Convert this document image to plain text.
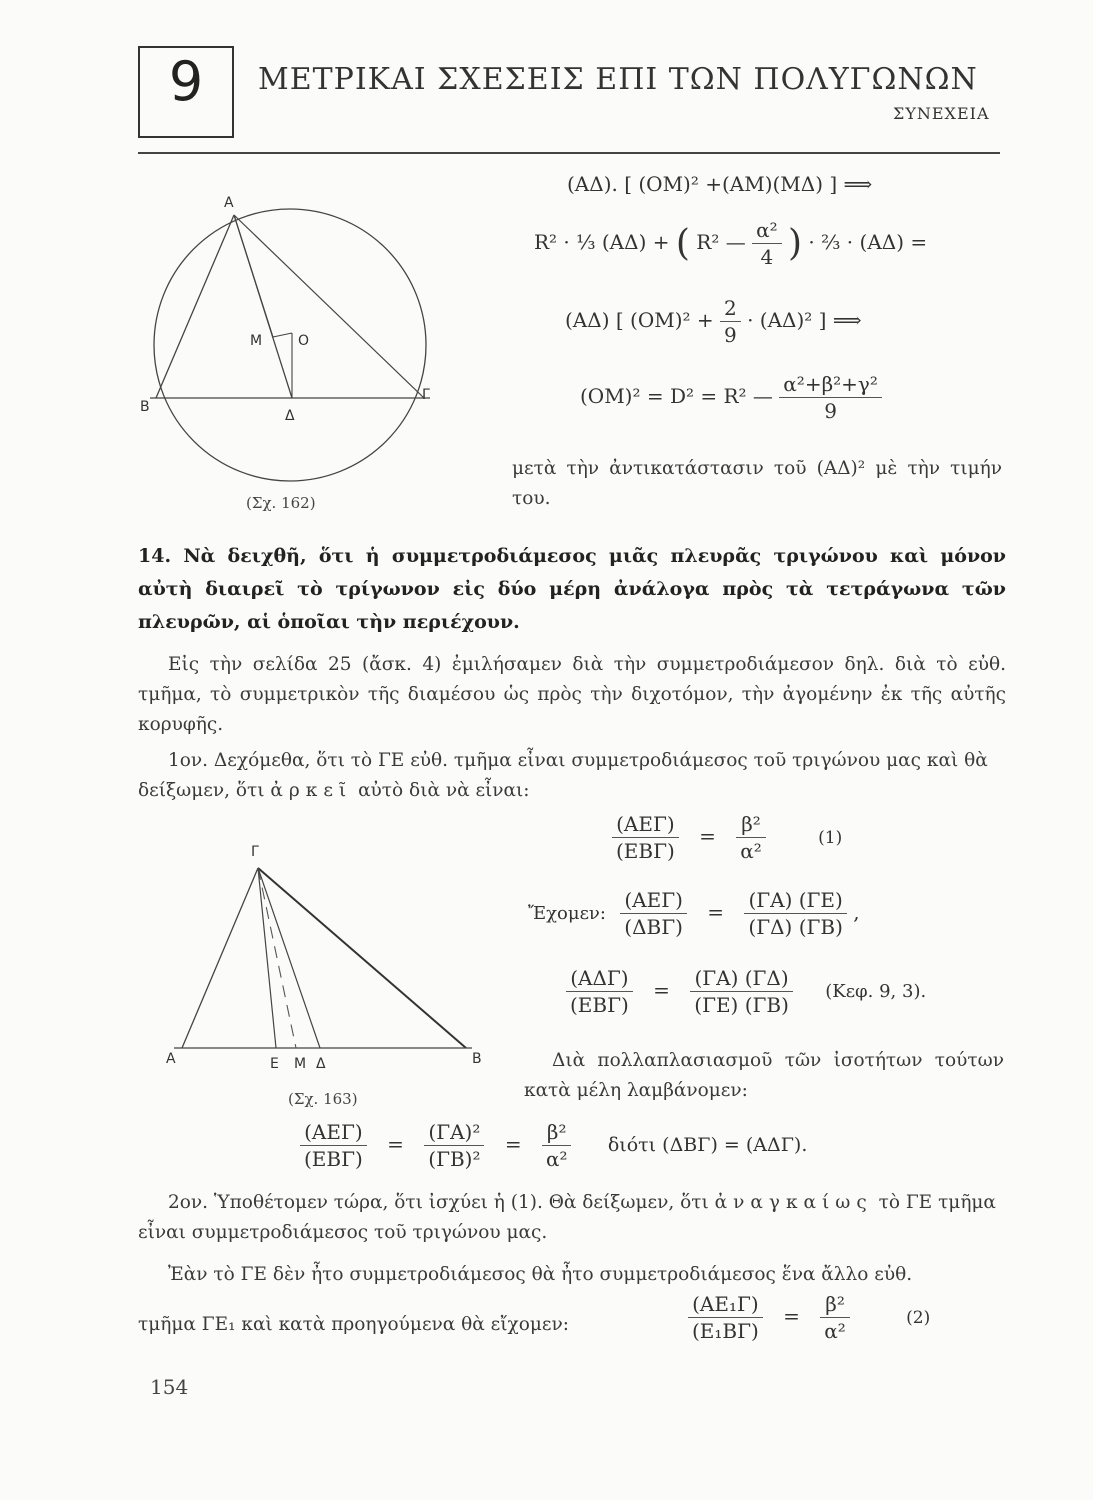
9	ΜΕΤΡΙΚΑΙ ΣΧΕΣΕΙΣ ΕΠΙ ΤΩΝ ΠΟΛΥΓΩΝΩΝ
ΣΥΝΕΧΕΙΑ
Α
Μ	Ο
Β
Δ
Γ
(Σχ. 162)
(ΑΔ). [ (ΟΜ)² +(ΑΜ)(ΜΔ) ] ⟹
R² · ¹⁄₃ (ΑΔ) + ( R² — $\frac{\text{α²}}{4}$ ) · ²⁄₃ · (ΑΔ) =
(ΑΔ) [ $(OM)^2 + \frac{2}{9} \cdot (A\Delta)^2$ ] ⟹
(ΟΜ)² = D² = R² — $\frac{\text{α²+β²+γ²}}{9}$
μετὰ τὴν ἀντικατάστασιν τοῦ (ΑΔ)² μὲ τὴν τιμήν του.
14. Νὰ δειχθῆ, ὅτι ἡ συμμετροδιάμεσος μιᾶς πλευρᾶς τριγώνου καὶ μόνον αὐτὴ διαιρεῖ τὸ τρίγωνον εἰς δύο μέρη ἀνάλογα πρὸς τὰ τετράγωνα τῶν πλευρῶν, αἱ ὁποῖαι τὴν περιέχουν.
Εἰς τὴν σελίδα 25 (ἄσκ. 4) ἐμιλήσαμεν διὰ τὴν συμμετροδιάμεσον δηλ. διὰ τὸ εὐθ. τμῆμα, τὸ συμμετρικὸν τῆς διαμέσου ὡς πρὸς τὴν διχοτόμον, τὴν ἀγομένην ἐκ τῆς αὐτῆς κορυφῆς.
1ον. Δεχόμεθα, ὅτι τὸ ΓΕ εὐθ. τμῆμα εἶναι συμμετροδιάμεσος τοῦ τριγώνου μας καὶ θὰ δείξωμεν, ὅτι ἀρκεῖ αὐτὸ διὰ νὰ εἶναι:
$\frac{\text{(ΑΕΓ)}}{\text{(ΕΒΓ)}} = \frac{\text{β²}}{\text{α²}}$	(1)
Ἔχομεν: $\frac{\text{(ΑΕΓ)}}{\text{(ΔΒΓ)}} = \frac{(\Gamma A) (\Gamma E)}{(\Gamma\Delta) (\Gamma B)}$ ,
$\frac{\text{(ΑΔΓ)}}{\text{(ΕΒΓ)}} = \frac{(\Gamma A) (\Gamma\Delta)}{(\Gamma E) (\Gamma B)} (K\varepsilon\varphi$. 9, 3).
Γ
Α	Ε Μ Δ	Β
(Σχ. 163)
Διὰ πολλαπλασιασμοῦ τῶν ἰσοτήτων τούτων κατὰ μέλη λαμβάνομεν:
$\frac{\text{(ΑΕΓ)}}{\text{(ΕΒΓ)}} = \frac{\text{(ΓΑ)²}}{\text{(ΓΒ)²}} = \frac{\text{β²}}{\text{α²}}$ διότι (ΔΒΓ) = (ΑΔΓ).
2ον. Ὑποθέτομεν τώρα, ὅτι ἰσχύει ἡ (1). Θὰ δείξωμεν, ὅτι ἀναγκαίως τὸ ΓΕ τμῆμα εἶναι συμμετροδιάμεσος τοῦ τριγώνου μας.
Ἐὰν τὸ ΓΕ δὲν ἦτο συμμετροδιάμεσος θὰ ἦτο συμμετροδιάμεσος ἕνα ἄλλο εὐθ.
τμῆμα ΓΕ₁ καὶ κατὰ προηγούμενα θὰ εἴχομεν:	$\frac{\text{(ΑΕ₁Γ)}}{\text{(Ε₁ΒΓ)}} = \frac{\text{β²}}{\text{α²}}$	(2)
154
